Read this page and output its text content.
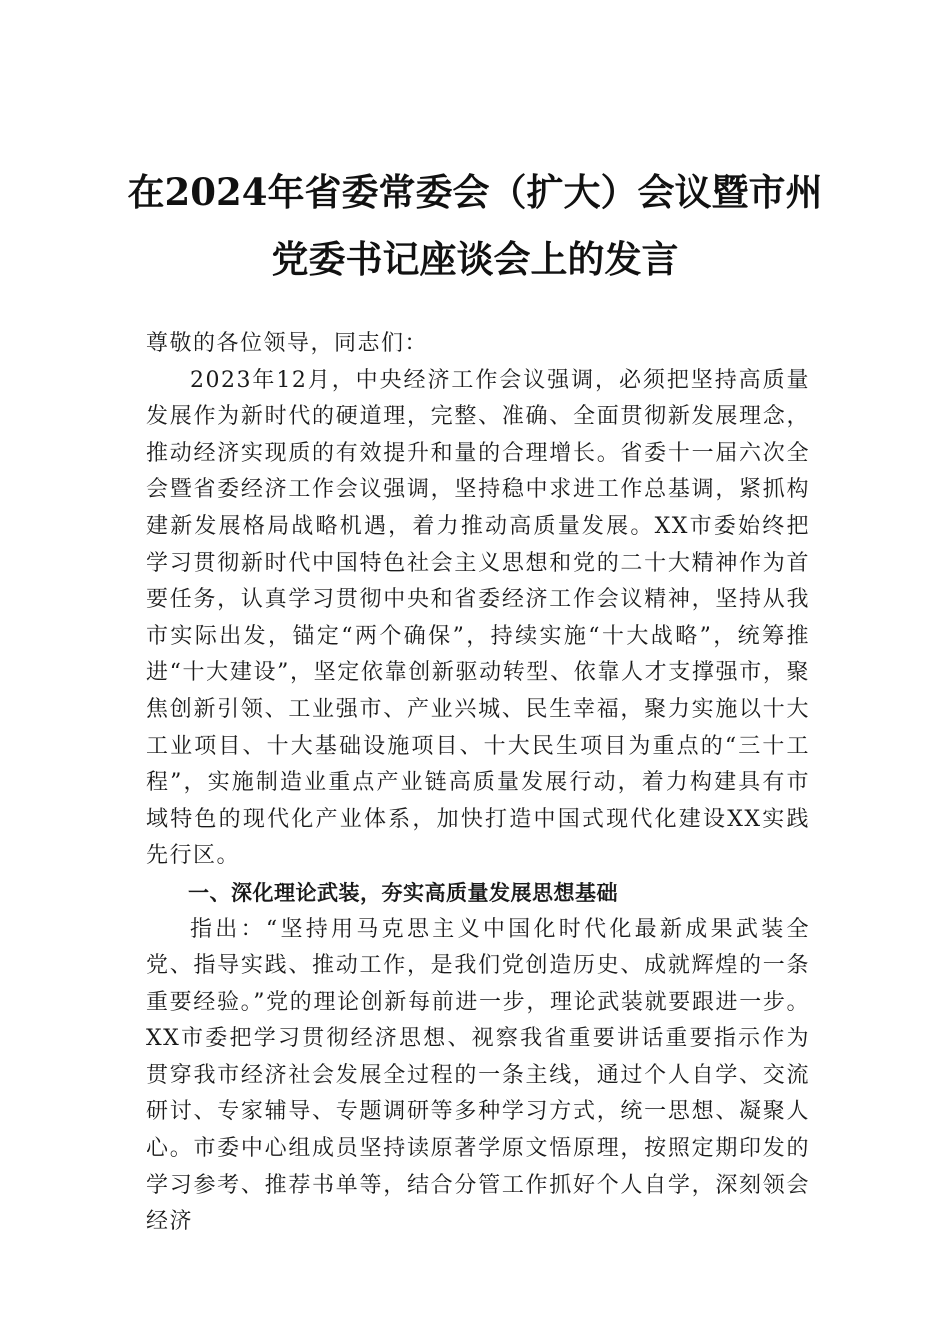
在2024年省委常委会（扩大）会议暨市州
党委书记座谈会上的发言

尊敬的各位领导，同志们：

2023年12月，中央经济工作会议强调，必须把坚持高质量发展作为新时代的硬道理，完整、准确、全面贯彻新发展理念，推动经济实现质的有效提升和量的合理增长。省委十一届六次全会暨省委经济工作会议强调，坚持稳中求进工作总基调，紧抓构建新发展格局战略机遇，着力推动高质量发展。XX市委始终把学习贯彻新时代中国特色社会主义思想和党的二十大精神作为首要任务，认真学习贯彻中央和省委经济工作会议精神，坚持从我市实际出发，锚定“两个确保”，持续实施“十大战略”，统筹推进“十大建设”，坚定依靠创新驱动转型、依靠人才支撑强市，聚焦创新引领、工业强市、产业兴城、民生幸福，聚力实施以十大工业项目、十大基础设施项目、十大民生项目为重点的“三十工程”，实施制造业重点产业链高质量发展行动，着力构建具有市域特色的现代化产业体系，加快打造中国式现代化建设XX实践先行区。

一、深化理论武装，夯实高质量发展思想基础

指出：“坚持用马克思主义中国化时代化最新成果武装全党、指导实践、推动工作，是我们党创造历史、成就辉煌的一条重要经验。”党的理论创新每前进一步，理论武装就要跟进一步。XX市委把学习贯彻经济思想、视察我省重要讲话重要指示作为贯穿我市经济社会发展全过程的一条主线，通过个人自学、交流研讨、专家辅导、专题调研等多种学习方式，统一思想、凝聚人心。市委中心组成员坚持读原著学原文悟原理，按照定期印发的学习参考、推荐书单等，结合分管工作抓好个人自学，深刻领会经济
